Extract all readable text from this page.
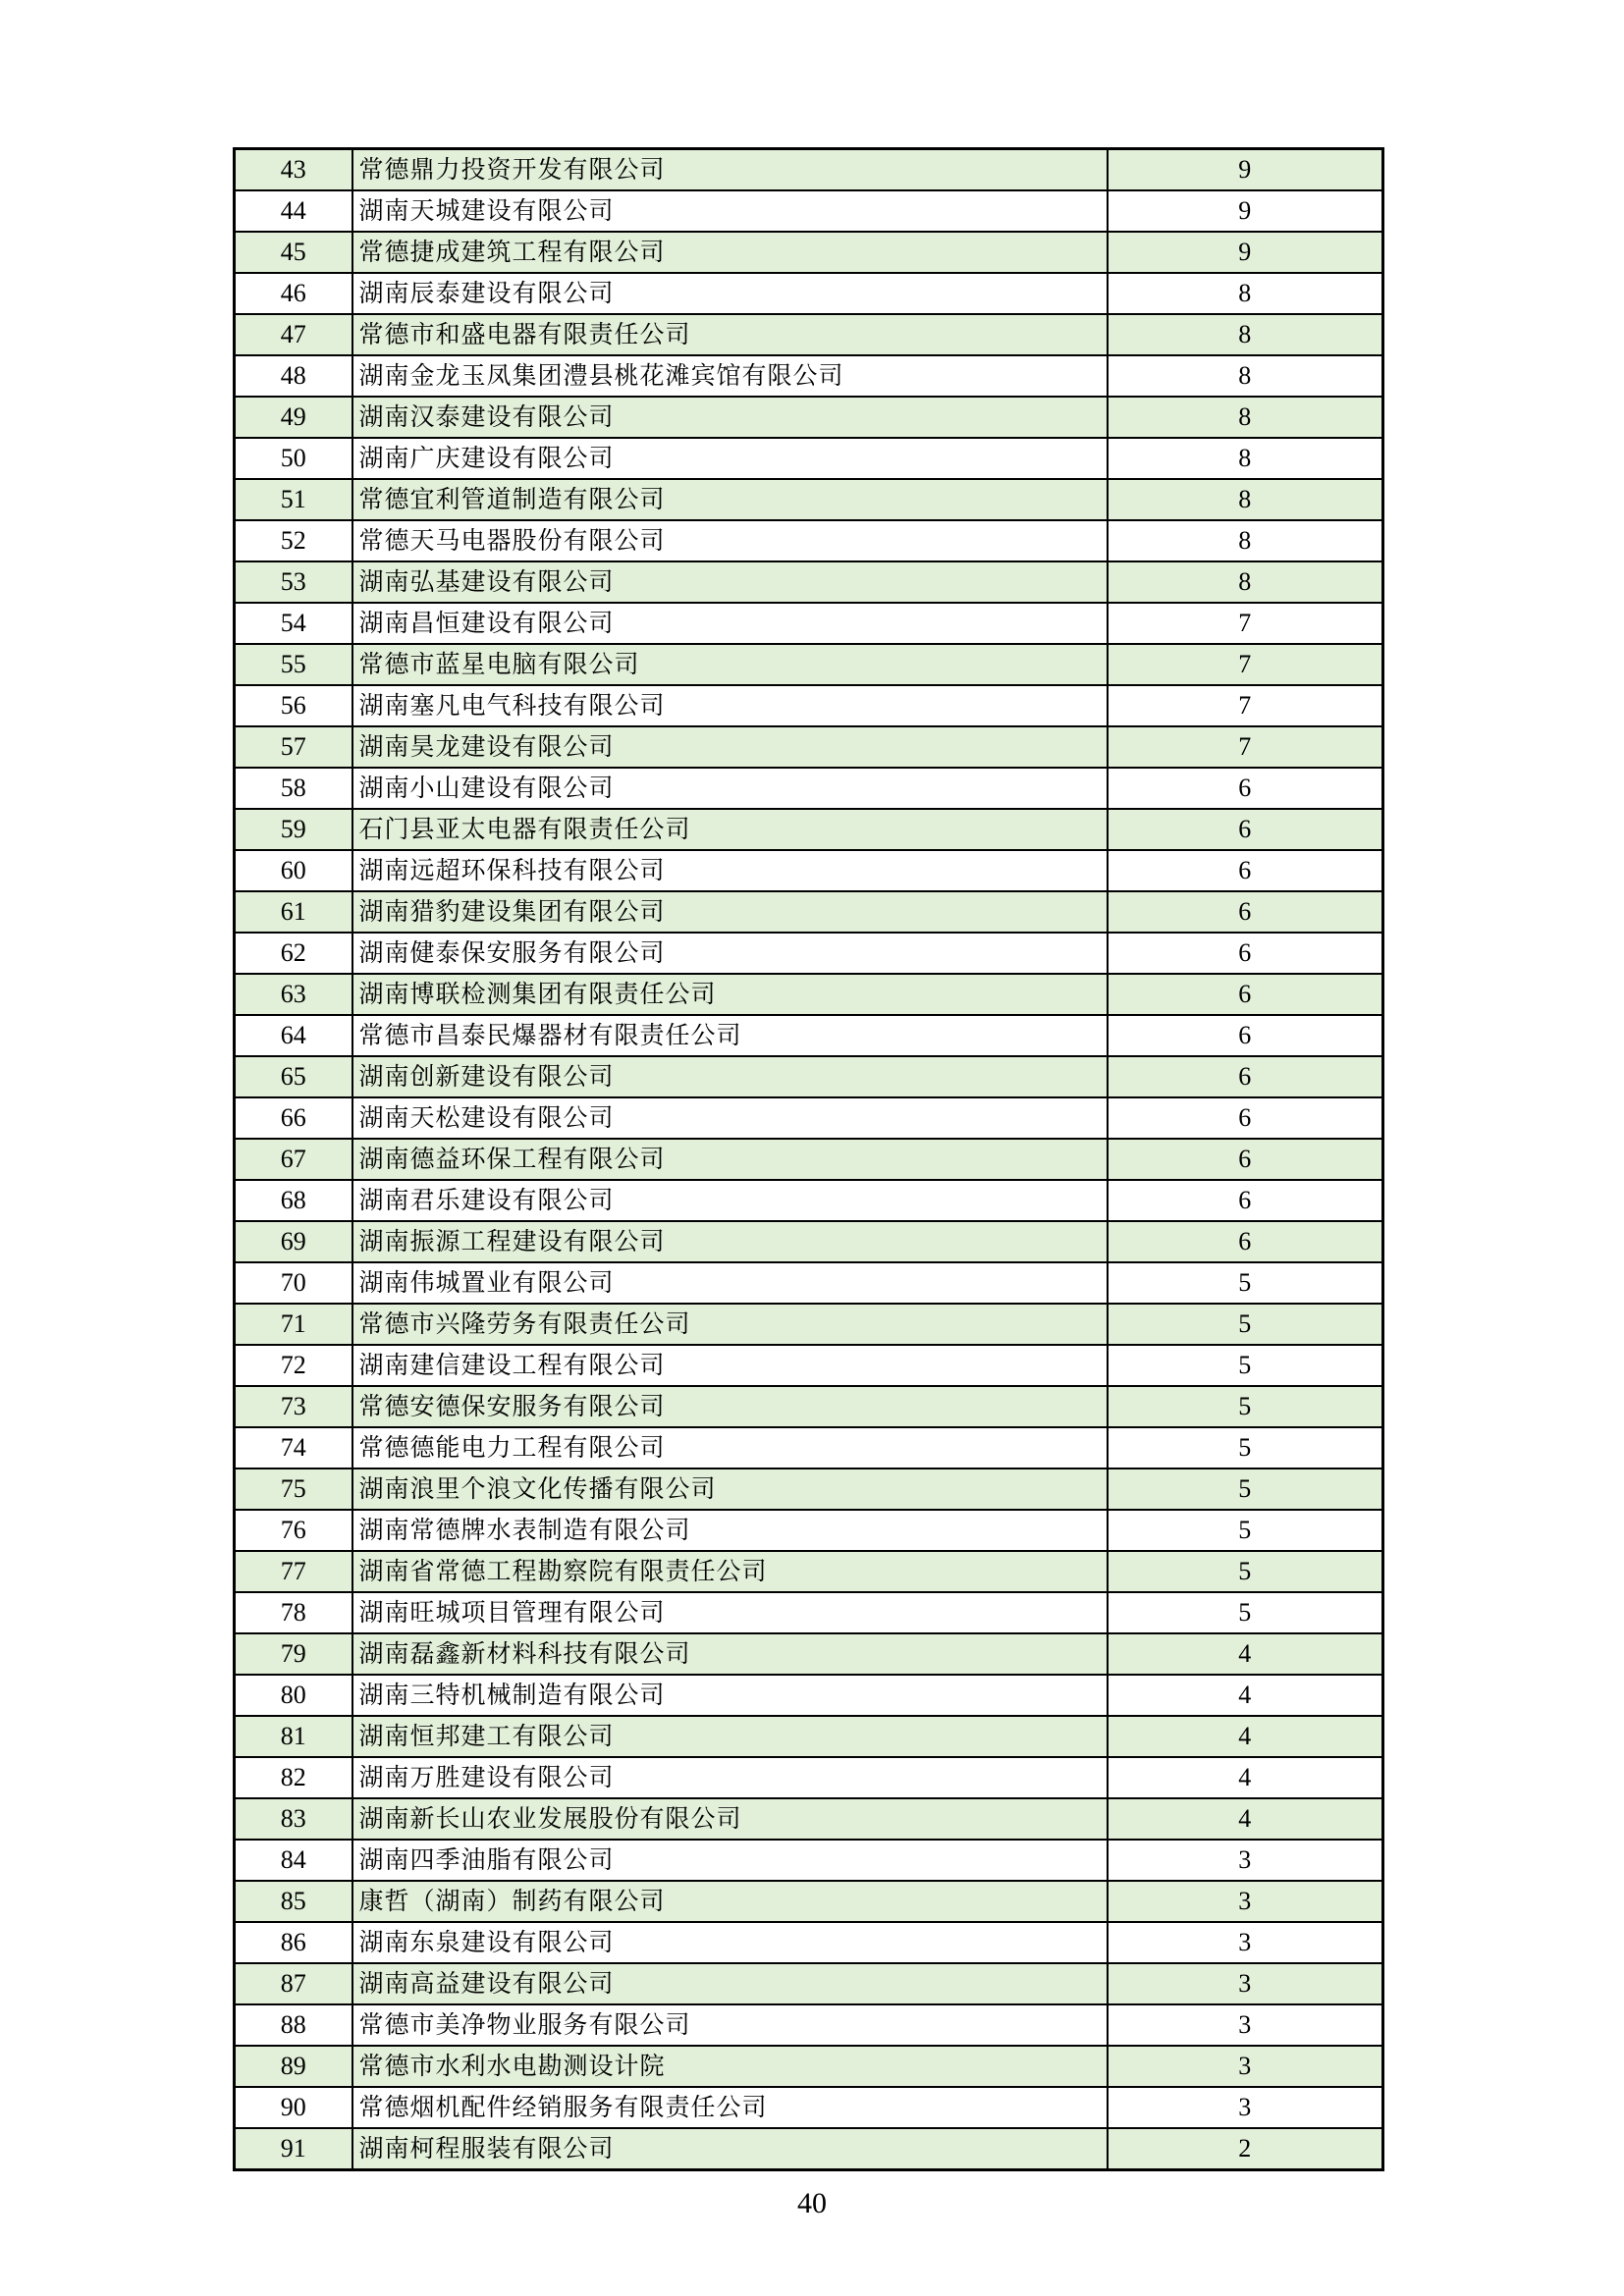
43	常德鼎力投资开发有限公司	9
44	湖南天城建设有限公司	9
45	常德捷成建筑工程有限公司	9
46	湖南辰泰建设有限公司	8
47	常德市和盛电器有限责任公司	8
48	湖南金龙玉凤集团澧县桃花滩宾馆有限公司	8
49	湖南汉泰建设有限公司	8
50	湖南广庆建设有限公司	8
51	常德宜利管道制造有限公司	8
52	常德天马电器股份有限公司	8
53	湖南弘基建设有限公司	8
54	湖南昌恒建设有限公司	7
55	常德市蓝星电脑有限公司	7
56	湖南塞凡电气科技有限公司	7
57	湖南昊龙建设有限公司	7
58	湖南小山建设有限公司	6
59	石门县亚太电器有限责任公司	6
60	湖南远超环保科技有限公司	6
61	湖南猎豹建设集团有限公司	6
62	湖南健泰保安服务有限公司	6
63	湖南博联检测集团有限责任公司	6
64	常德市昌泰民爆器材有限责任公司	6
65	湖南创新建设有限公司	6
66	湖南天松建设有限公司	6
67	湖南德益环保工程有限公司	6
68	湖南君乐建设有限公司	6
69	湖南振源工程建设有限公司	6
70	湖南伟城置业有限公司	5
71	常德市兴隆劳务有限责任公司	5
72	湖南建信建设工程有限公司	5
73	常德安德保安服务有限公司	5
74	常德德能电力工程有限公司	5
75	湖南浪里个浪文化传播有限公司	5
76	湖南常德牌水表制造有限公司	5
77	湖南省常德工程勘察院有限责任公司	5
78	湖南旺城项目管理有限公司	5
79	湖南磊鑫新材料科技有限公司	4
80	湖南三特机械制造有限公司	4
81	湖南恒邦建工有限公司	4
82	湖南万胜建设有限公司	4
83	湖南新长山农业发展股份有限公司	4
84	湖南四季油脂有限公司	3
85	康哲（湖南）制药有限公司	3
86	湖南东泉建设有限公司	3
87	湖南高益建设有限公司	3
88	常德市美净物业服务有限公司	3
89	常德市水利水电勘测设计院	3
90	常德烟机配件经销服务有限责任公司	3
91	湖南柯程服装有限公司	2
40
